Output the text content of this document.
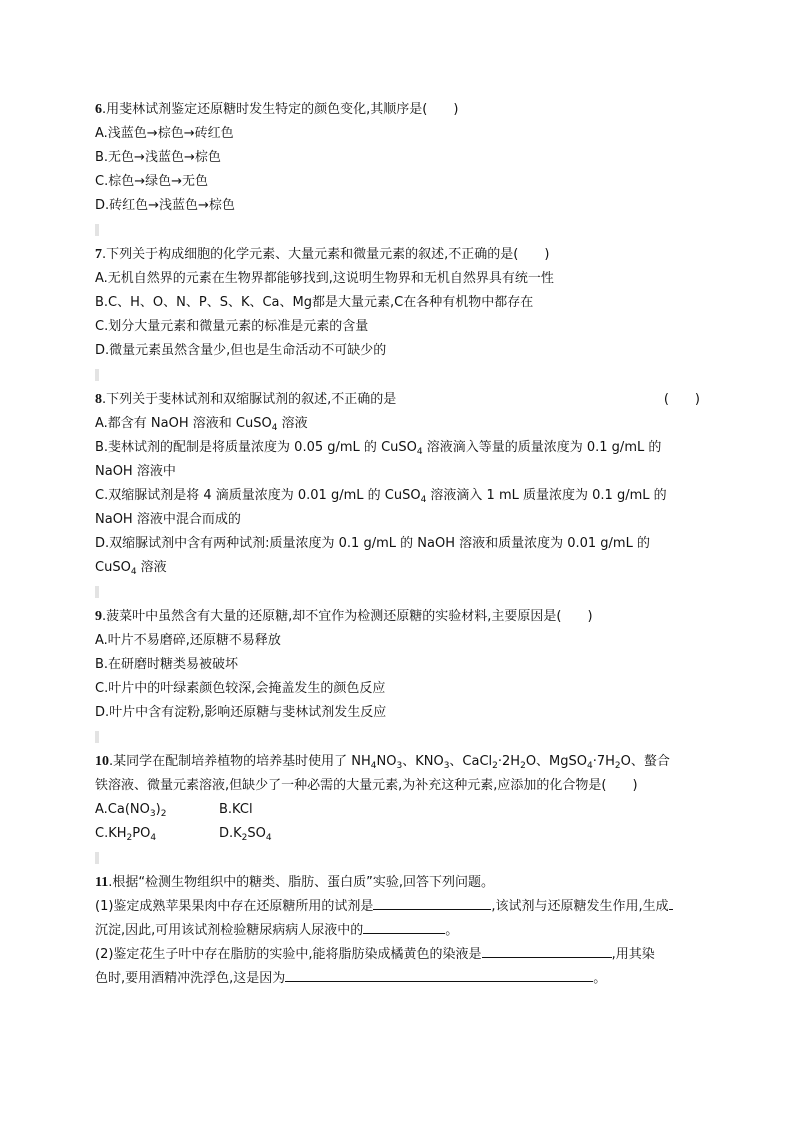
6.用斐林试剂鉴定还原糖时发生特定的颜色变化,其顺序是(　　)
A.浅蓝色→棕色→砖红色
B.无色→浅蓝色→棕色
C.棕色→绿色→无色
D.砖红色→浅蓝色→棕色
7.下列关于构成细胞的化学元素、大量元素和微量元素的叙述,不正确的是(　　)
A.无机自然界的元素在生物界都能够找到,这说明生物界和无机自然界具有统一性
B.C、H、O、N、P、S、K、Ca、Mg都是大量元素,C在各种有机物中都存在
C.划分大量元素和微量元素的标准是元素的含量
D.微量元素虽然含量少,但也是生命活动不可缺少的
8.下列关于斐林试剂和双缩脲试剂的叙述,不正确的是	(　　)
A.都含有 NaOH 溶液和 CuSO$_4$ 溶液
B.斐林试剂的配制是将质量浓度为 0.05 g/mL 的 CuSO$_4$ 溶液滴入等量的质量浓度为 0.1 g/mL 的
NaOH 溶液中
C.双缩脲试剂是将 4 滴质量浓度为 0.01 g/mL 的 CuSO$_4$ 溶液滴入 1 mL 质量浓度为 0.1 g/mL 的
NaOH 溶液中混合而成的
D.双缩脲试剂中含有两种试剂:质量浓度为 0.1 g/mL 的 NaOH 溶液和质量浓度为 0.01 g/mL 的
CuSO$_4$ 溶液
9.菠菜叶中虽然含有大量的还原糖,却不宜作为检测还原糖的实验材料,主要原因是(　　)
A.叶片不易磨碎,还原糖不易释放
B.在研磨时糖类易被破坏
C.叶片中的叶绿素颜色较深,会掩盖发生的颜色反应
D.叶片中含有淀粉,影响还原糖与斐林试剂发生反应
10.某同学在配制培养植物的培养基时使用了 $NH_4NO_3$、$KNO_3$、$CaCl_2\cdot 2H_2O$、$MgSO_4\cdot 7H_2O$、螯合
铁溶液、微量元素溶液,但缺少了一种必需的大量元素,为补充这种元素,应添加的化合物是(　　)
$A.Ca(NO_3)_2$	B.KCl
$C.KH_2PO_4$	$D.K_2SO_4$
11.根据“检测生物组织中的糖类、脂肪、蛋白质”实验,回答下列问题。
(1)鉴定成熟苹果果肉中存在还原糖所用的试剂是	,该试剂与还原糖发生作用,生成
沉淀,因此,可用该试剂检验糖尿病病人尿液中的	。
(2)鉴定花生子叶中存在脂肪的实验中,能将脂肪染成橘黄色的染液是	,用其染
色时,要用酒精冲洗浮色,这是因为	。
